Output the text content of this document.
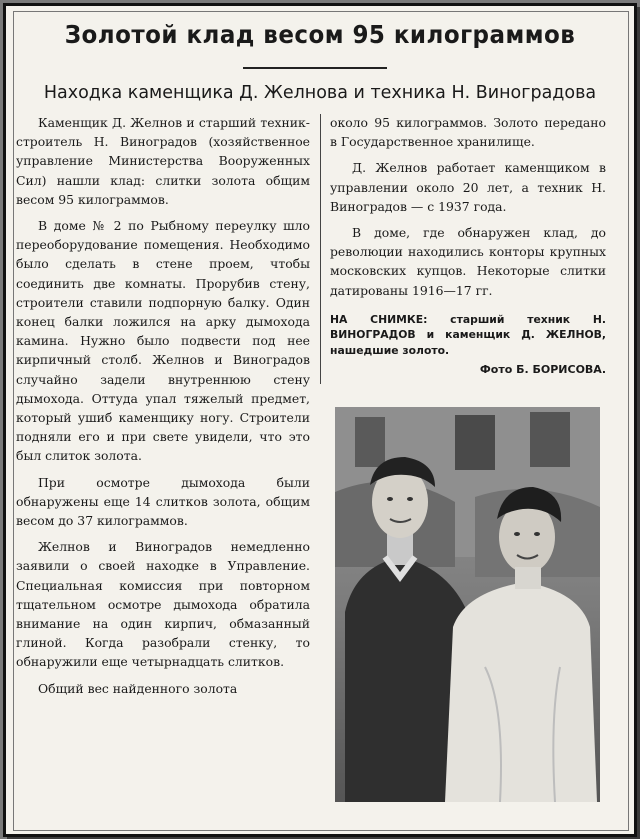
Золотой клад весом 95 килограммов
Находка каменщика Д. Желнова и техника Н. Виноградова

Каменщик Д. Желнов и старший техник-строитель Н. Виноградов (хозяйственное управление Министерства Вооруженных Сил) нашли клад: слитки золота общим весом 95 килограммов.

В доме № 2 по Рыбному переулку шло переоборудование помещения. Необходимо было сделать в стене проем, чтобы соединить две комнаты. Прорубив стену, строители ставили подпорную балку. Один конец балки ложился на арку дымохода камина. Нужно было подвести под нее кирпичный столб. Желнов и Виноградов случайно задели внутреннюю стену дымохода. Оттуда упал тяжелый предмет, который ушиб каменщику ногу. Строители подняли его и при свете увидели, что это был слиток золота.

При осмотре дымохода были обнаружены еще 14 слитков золота, общим весом до 37 килограммов.

Желнов и Виноградов немедленно заявили о своей находке в Управление. Специальная комиссия при повторном тщательном осмотре дымохода обратила внимание на один кирпич, обмазанный глиной. Когда разобрали стенку, то обнаружили еще четырнадцать слитков.

Общий вес найденного золота

около 95 килограммов. Золото передано в Государственное хранилище.

Д. Желнов работает каменщиком в управлении около 20 лет, а техник Н. Виноградов — с 1937 года.

В доме, где обнаружен клад, до революции находились конторы крупных московских купцов. Некоторые слитки датированы 1916—17 гг.

НА СНИМКЕ: старший техник Н. ВИНОГРАДОВ и каменщик Д. ЖЕЛНОВ, нашедшие золото.
Фото Б. БОРИСОВА.
